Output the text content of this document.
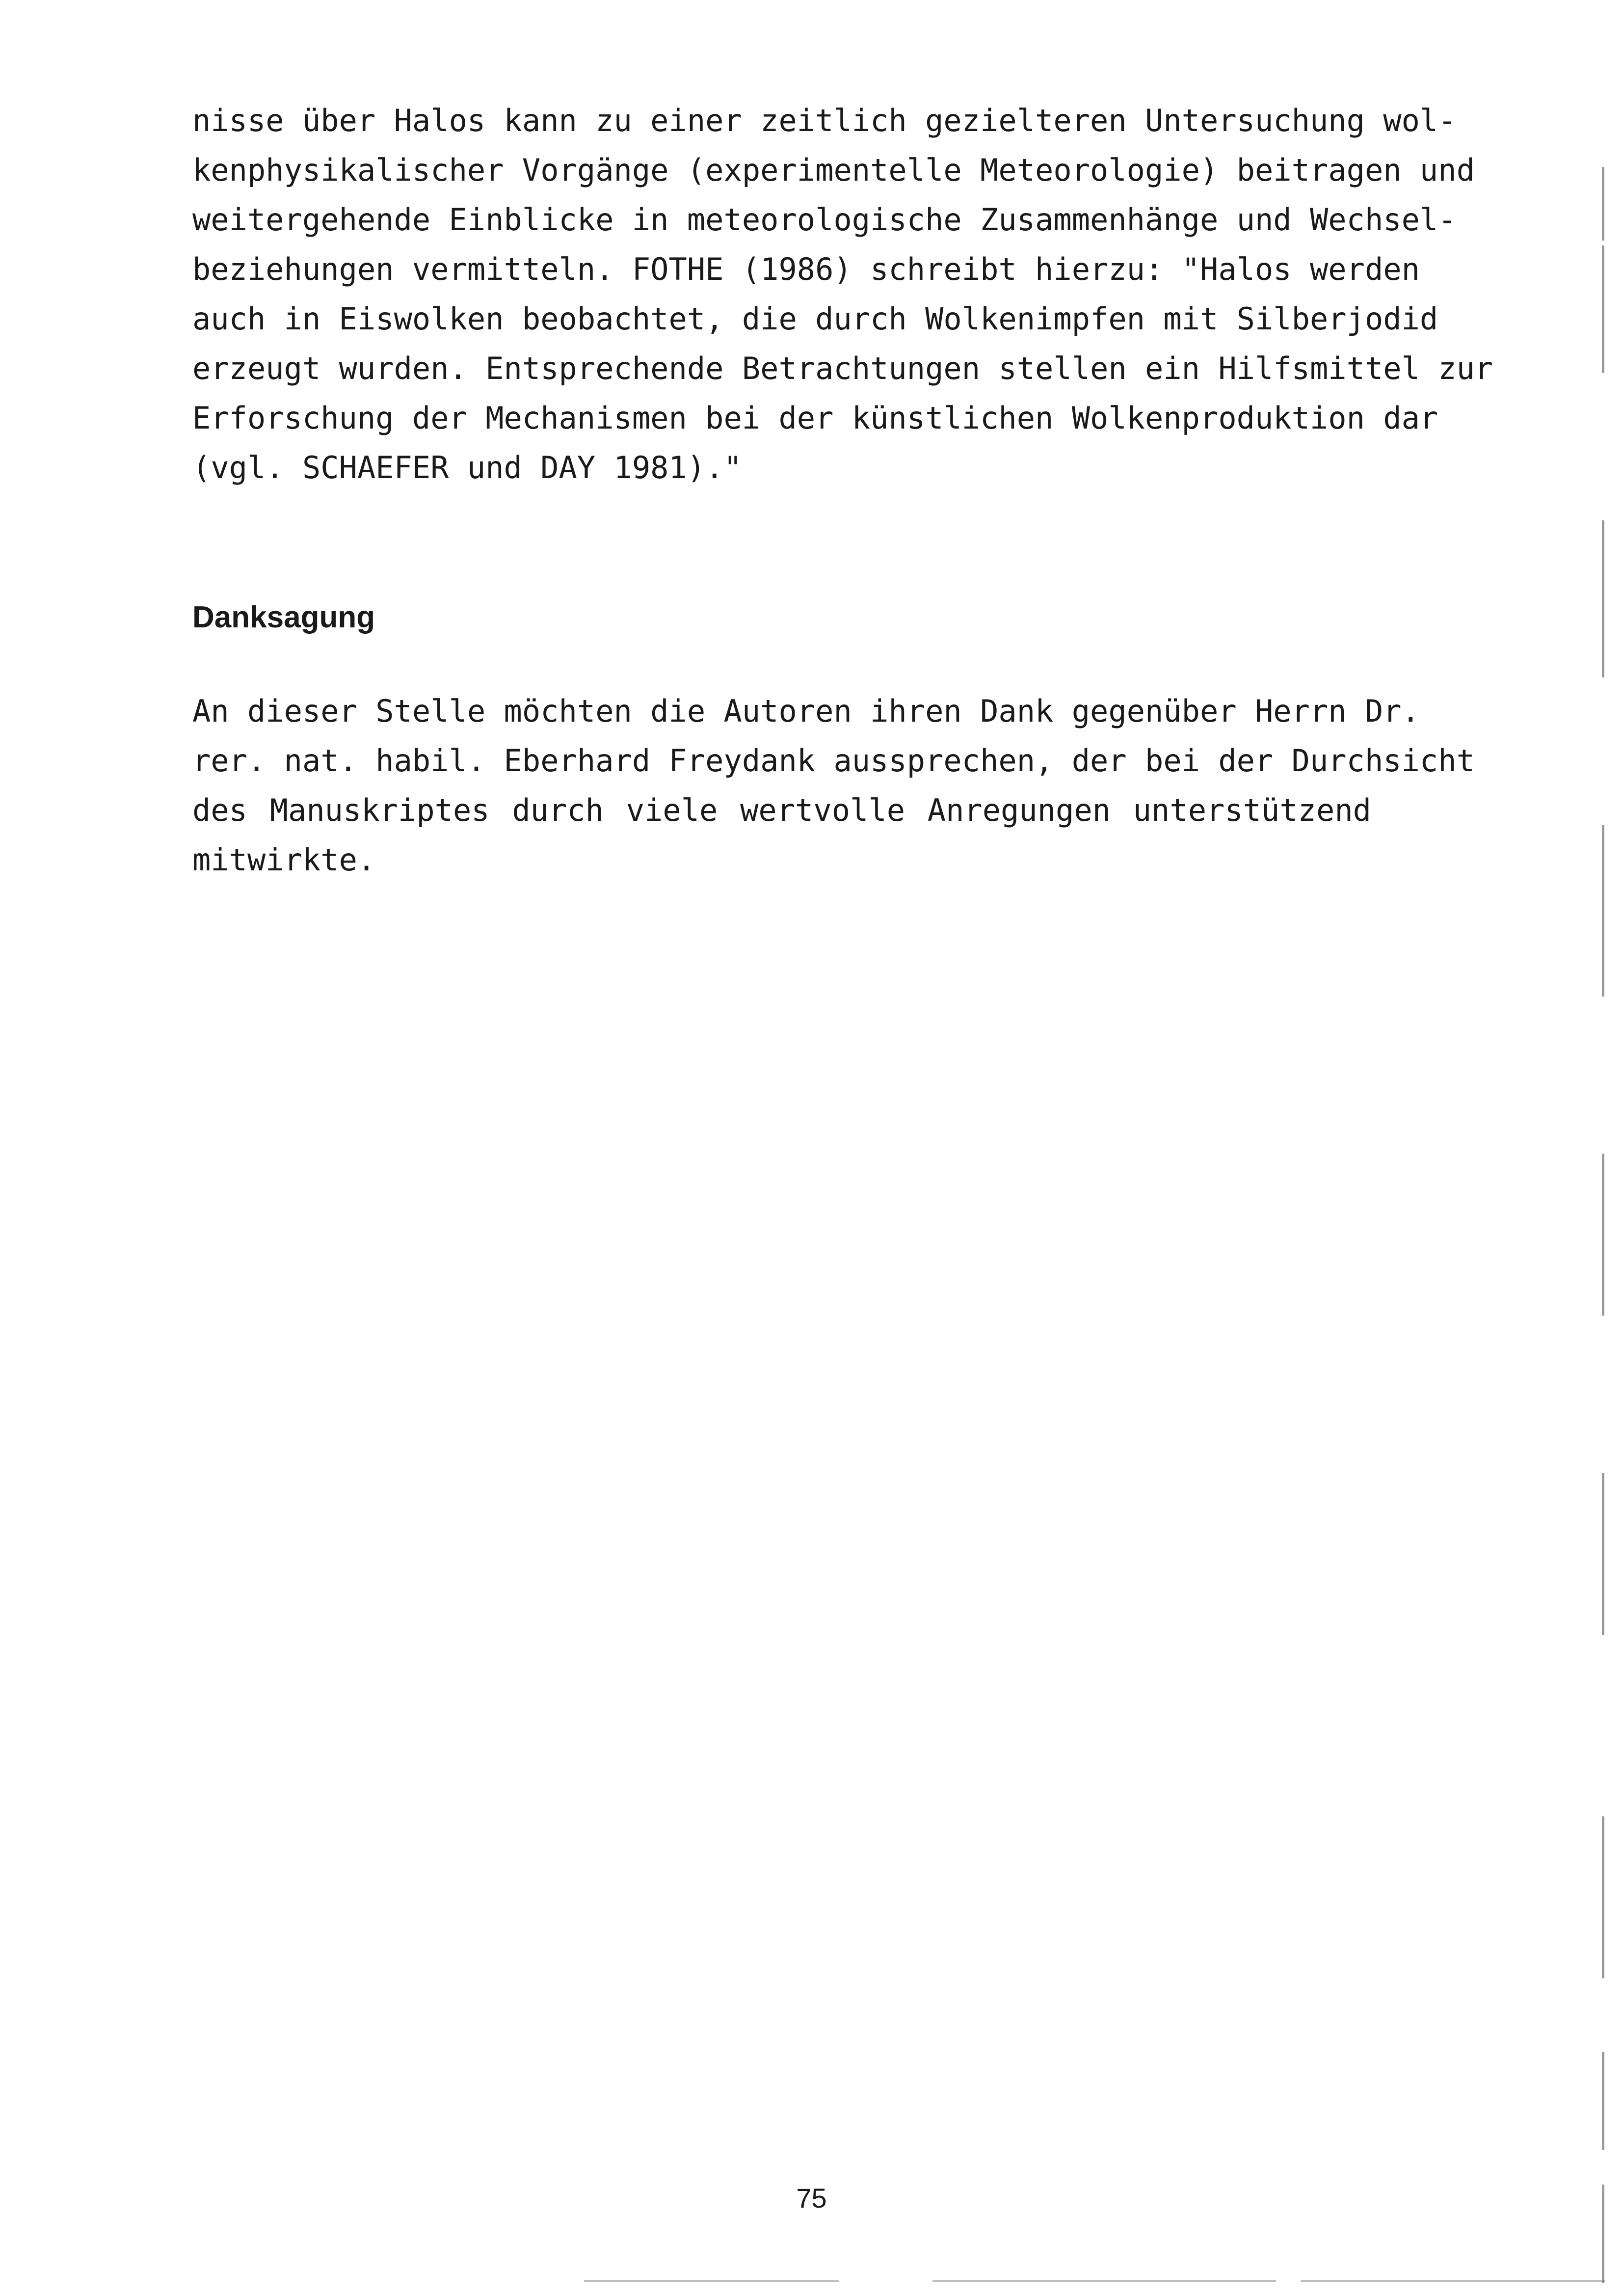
nisse über Halos kann zu einer zeitlich gezielteren Untersuchung wol-
kenphysikalischer Vorgänge (experimentelle Meteorologie) beitragen und
weitergehende Einblicke in meteorologische Zusammenhänge und Wechsel-
beziehungen vermitteln. FOTHE (1986) schreibt hierzu: "Halos werden
auch in Eiswolken beobachtet, die durch Wolkenimpfen mit Silberjodid
erzeugt wurden. Entsprechende Betrachtungen stellen ein Hilfsmittel zur
Erforschung der Mechanismen bei der künstlichen Wolkenproduktion dar
(vgl. SCHAEFER und DAY 1981)."
Danksagung
An dieser Stelle möchten die Autoren ihren Dank gegenüber Herrn Dr.
rer. nat. habil. Eberhard Freydank aussprechen, der bei der Durchsicht
des Manuskriptes durch viele wertvolle Anregungen unterstützend
mitwirkte.
75
